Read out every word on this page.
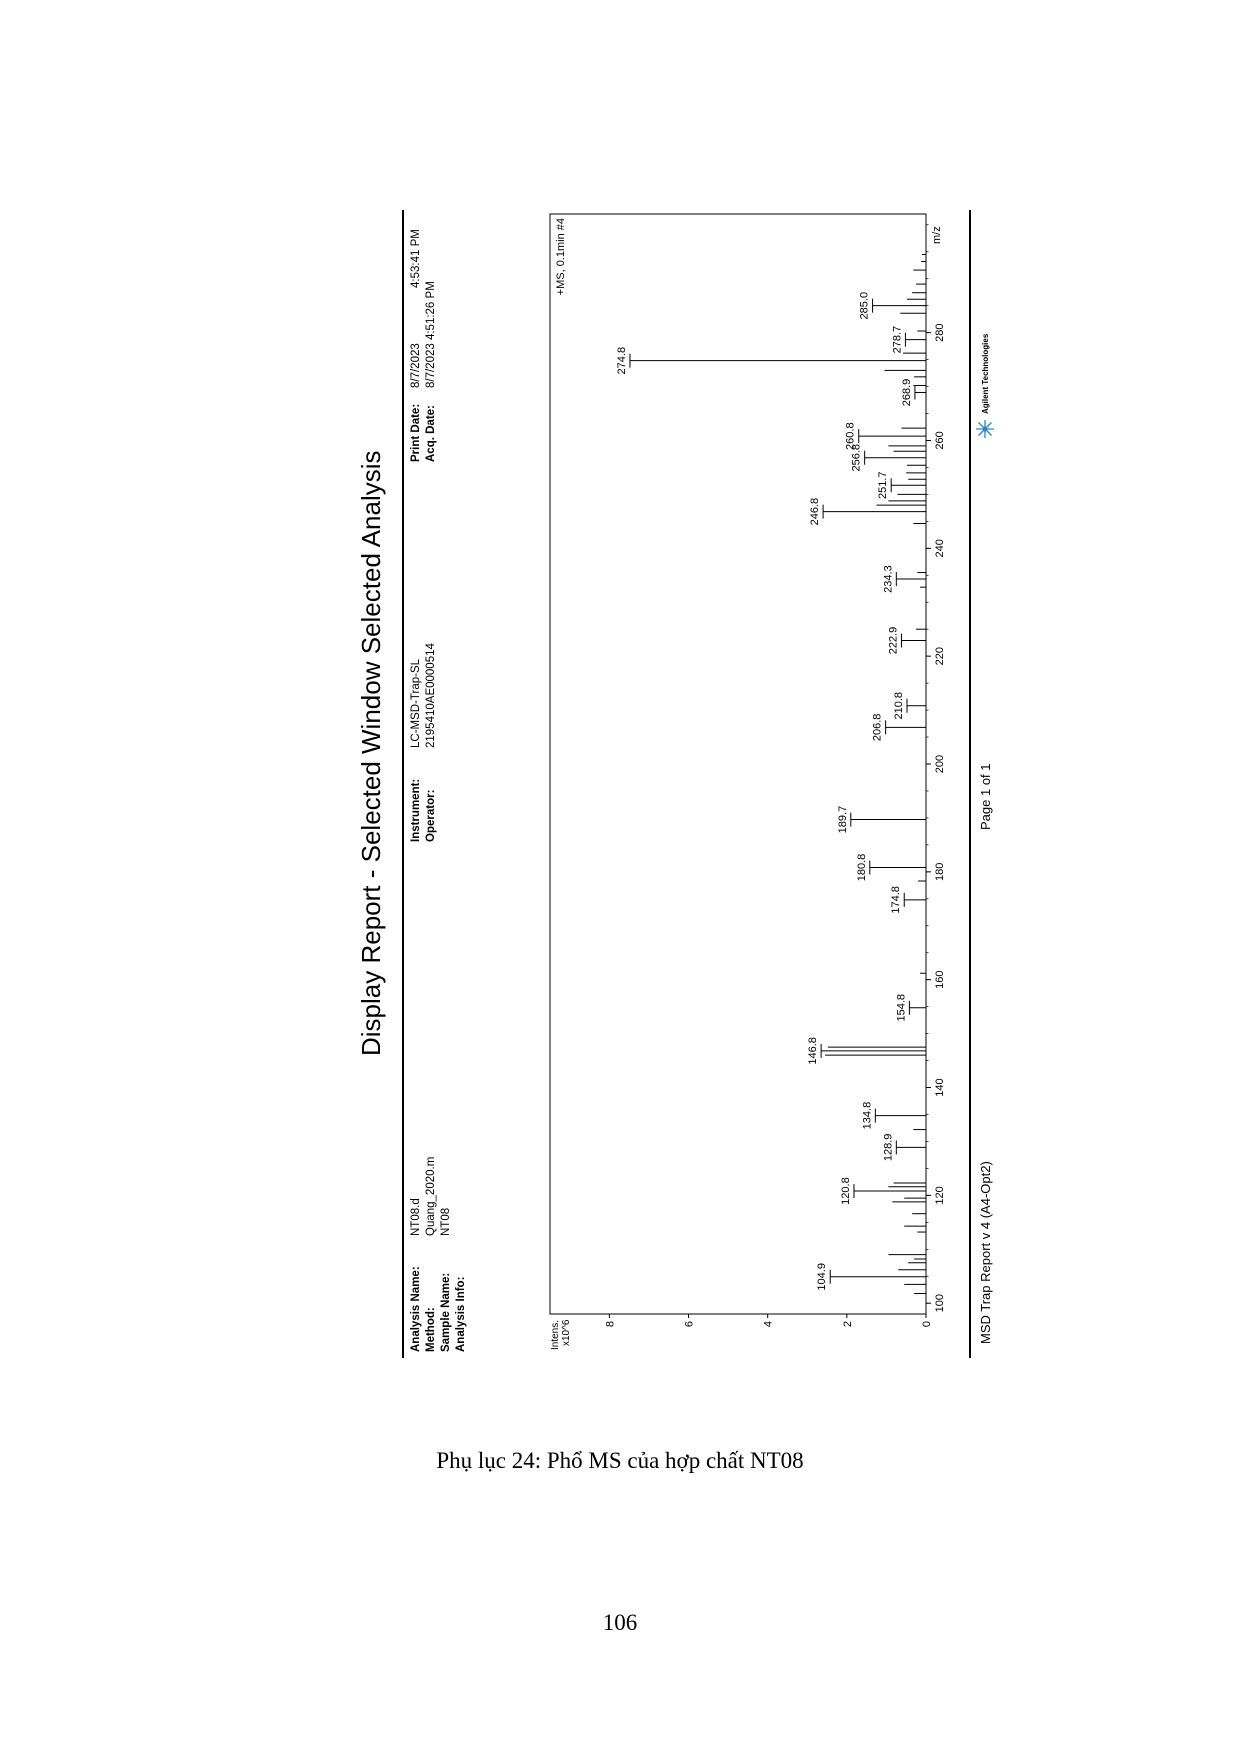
Display Report - Selected Window Selected Analysis
Analysis Name:
NT08.d
Method:
Quang_2020.m
Sample Name:
NT08
Analysis Info:
Instrument:
LC-MSD-Trap-SL
Operator:
2195410AE0000514
Print Date:
8/7/2023
4:53:41 PM
Acq. Date:
8/7/2023 4:51:26 PM
0
2
4
6
8
100
120
140
160
180
200
220
240
260
280
104.9
120.8
128.9
134.8
146.8
154.8
174.8
180.8
189.7
206.8
210.8
222.9
234.3
246.8
251.7
256.8
260.8
268.9
274.8
278.7
285.0
Intens. x10^6
m/z
+MS, 0.1min #4
MSD Trap Report v 4 (A4-Opt2)
Page 1 of 1
Agilent Technologies
Phụ lục 24: Phổ MS của hợp chất NT08
106
